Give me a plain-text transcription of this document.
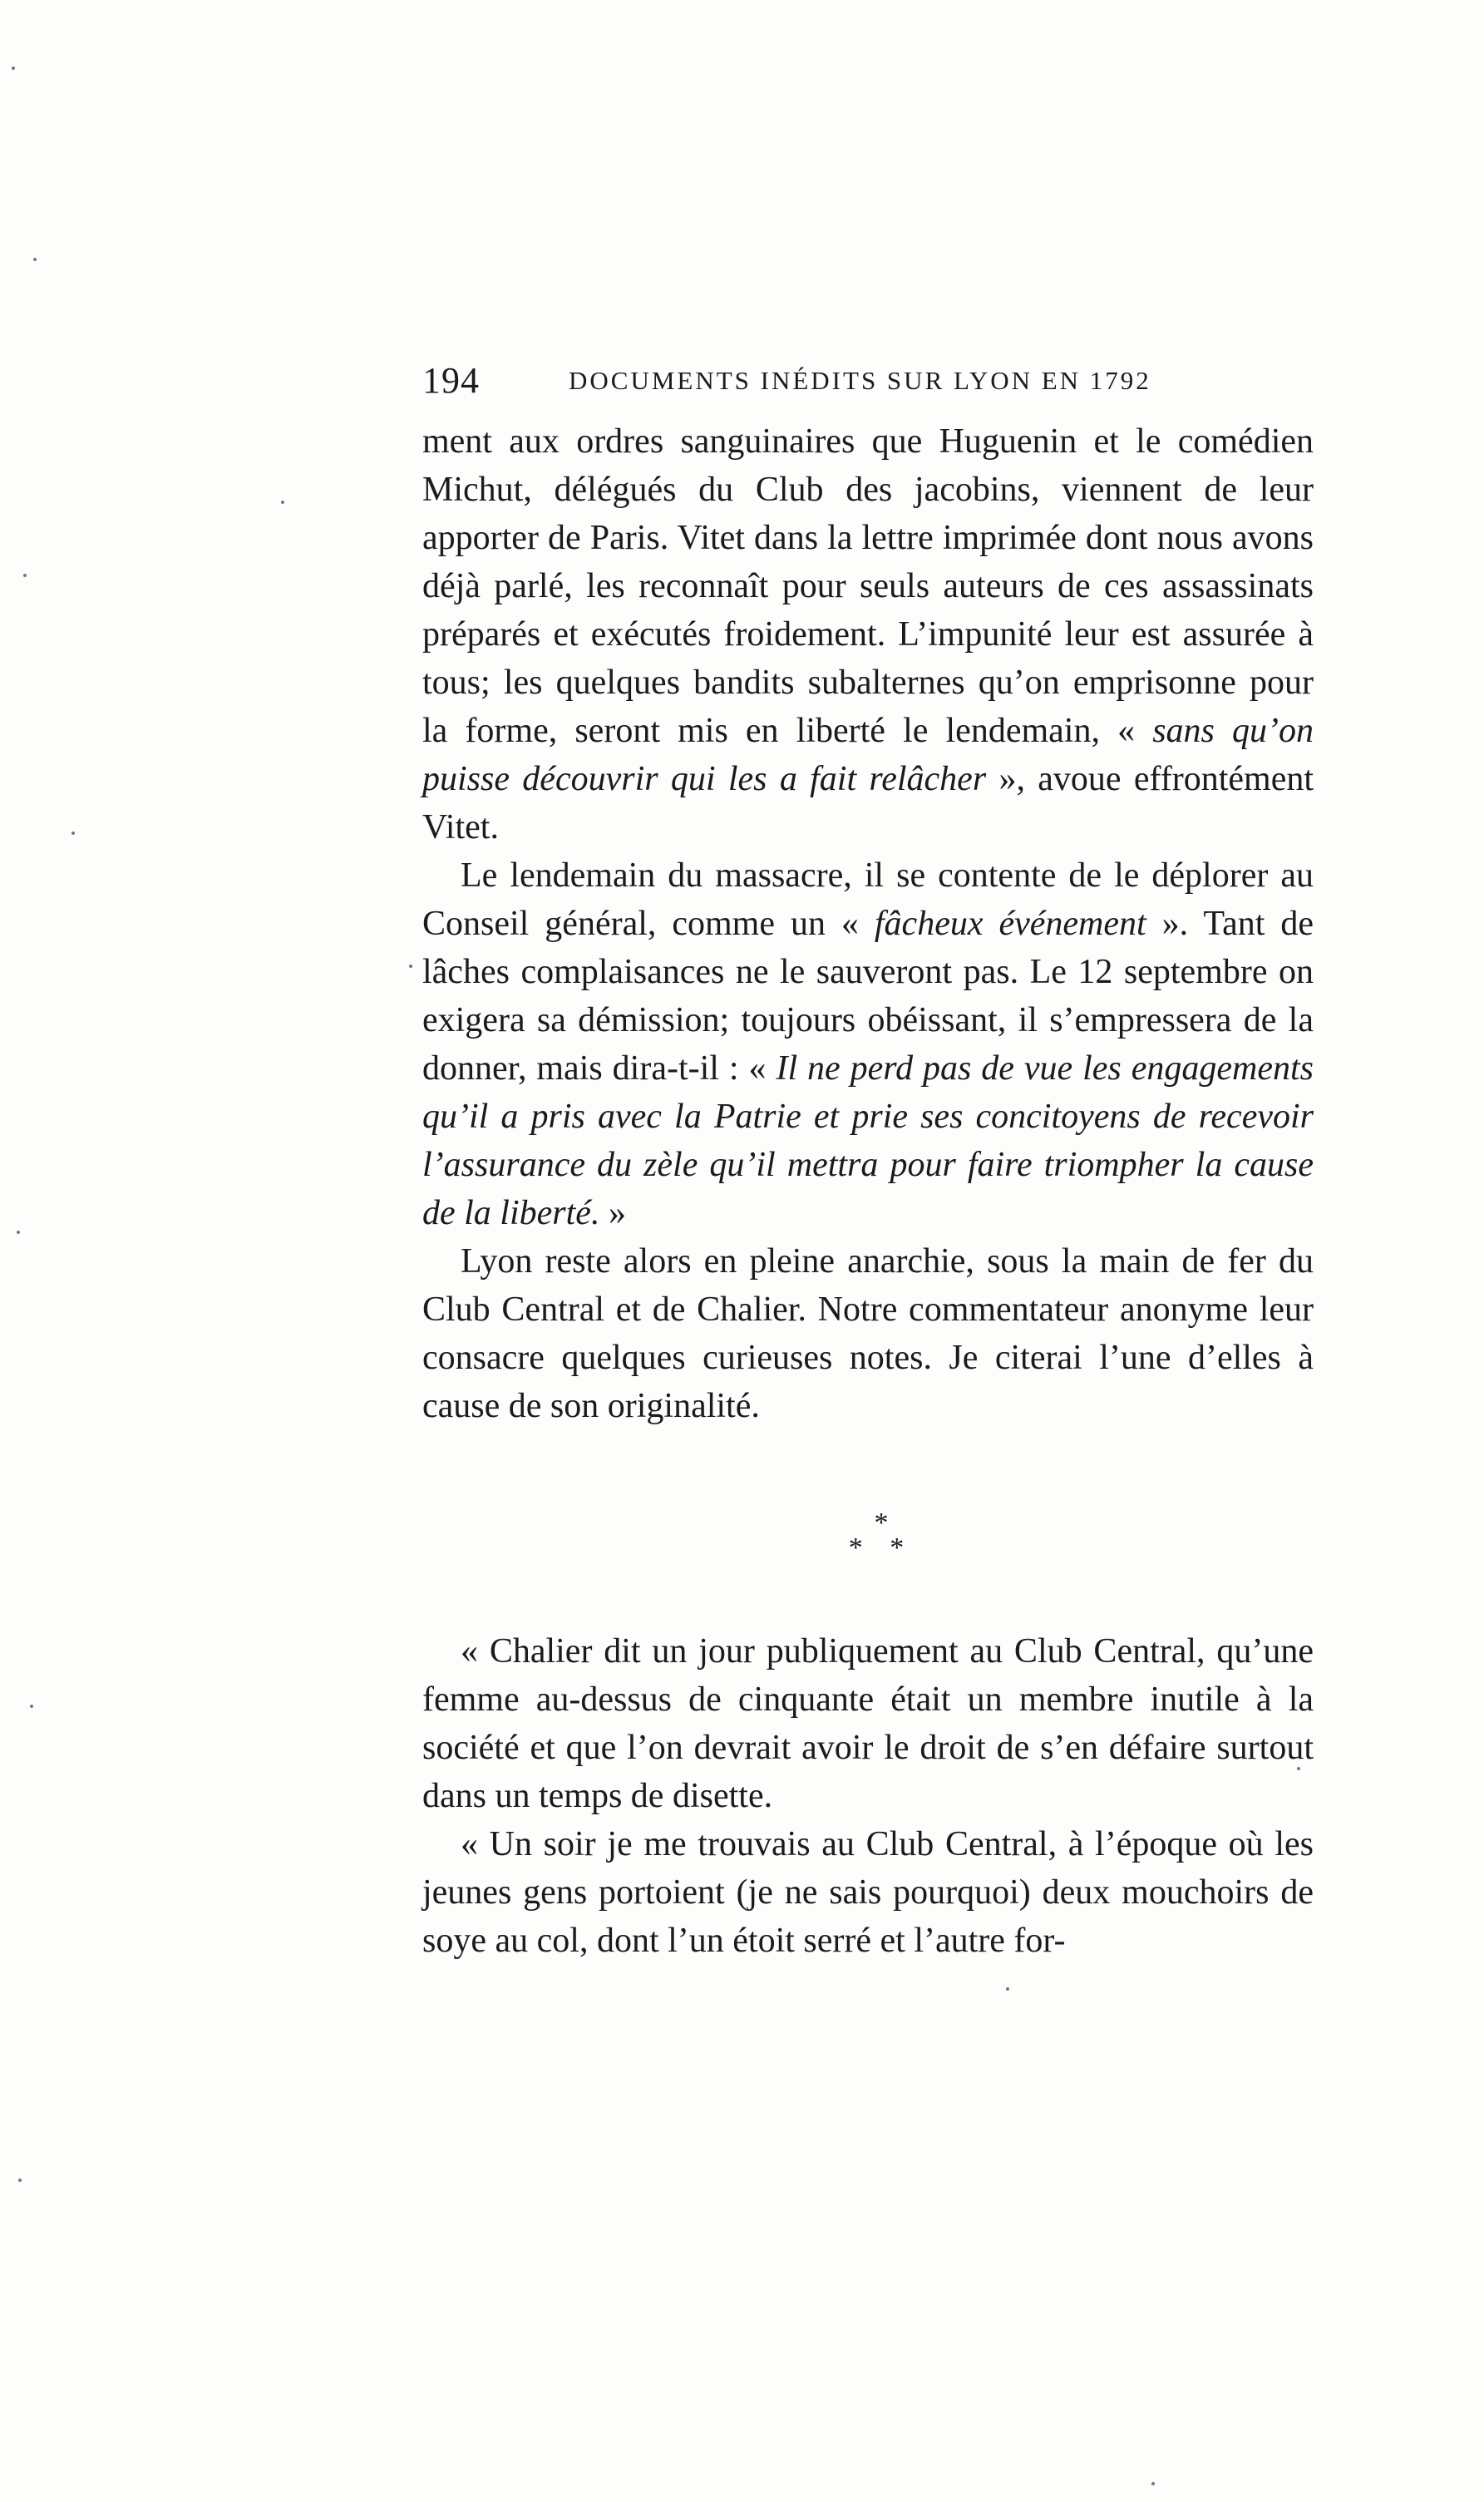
194	DOCUMENTS INÉDITS SUR LYON EN 1792

ment aux ordres sanguinaires que Huguenin et le comédien Michut, délégués du Club des jacobins, viennent de leur apporter de Paris. Vitet dans la lettre imprimée dont nous avons déjà parlé, les reconnaît pour seuls auteurs de ces assassinats préparés et exécutés froidement. L’impunité leur est assurée à tous; les quelques bandits subalternes qu’on emprisonne pour la forme, seront mis en liberté le lendemain, « sans qu’on puisse découvrir qui les a fait relâcher », avoue effrontément Vitet.

Le lendemain du massacre, il se contente de le déplorer au Conseil général, comme un « fâcheux événement ». Tant de lâches complaisances ne le sauveront pas. Le 12 septembre on exigera sa démission; toujours obéissant, il s’empressera de la donner, mais dira-t-il : « Il ne perd pas de vue les engagements qu’il a pris avec la Patrie et prie ses concitoyens de recevoir l’assurance du zèle qu’il mettra pour faire triompher la cause de la liberté. »

Lyon reste alors en pleine anarchie, sous la main de fer du Club Central et de Chalier. Notre commentateur anonyme leur consacre quelques curieuses notes. Je citerai l’une d’elles à cause de son originalité.

*
* *

« Chalier dit un jour publiquement au Club Central, qu’une femme au-dessus de cinquante était un membre inutile à la société et que l’on devrait avoir le droit de s’en défaire surtout dans un temps de disette.

« Un soir je me trouvais au Club Central, à l’époque où les jeunes gens portoient (je ne sais pourquoi) deux mouchoirs de soye au col, dont l’un étoit serré et l’autre for-
